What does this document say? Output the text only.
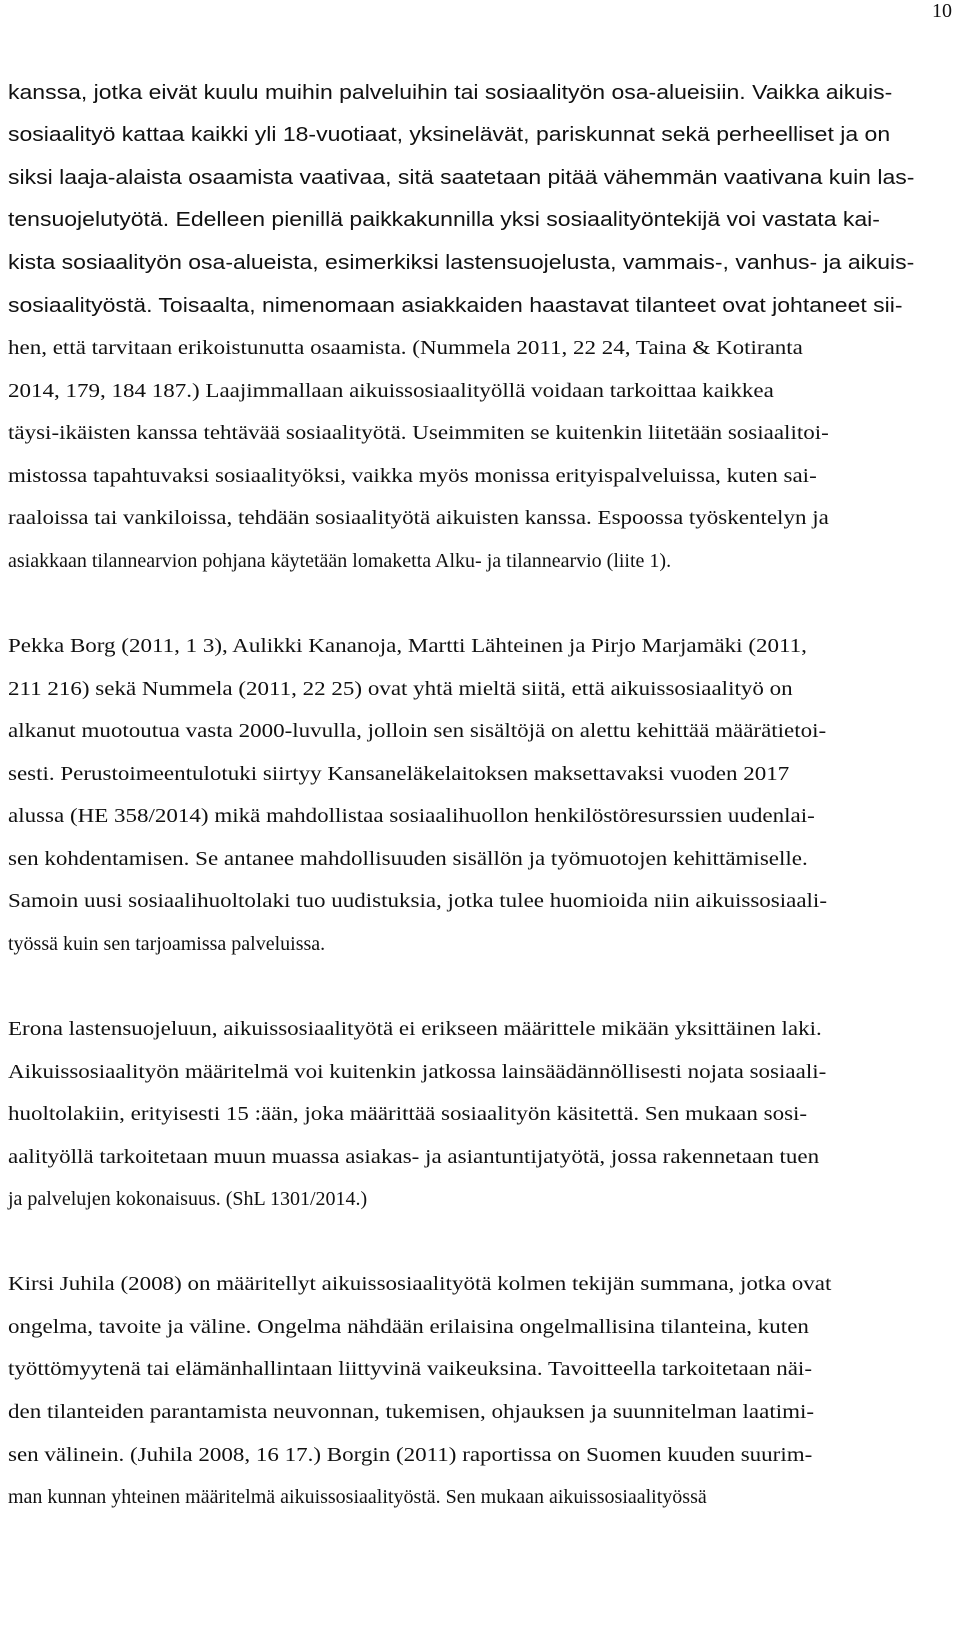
10
kanssa, jotka eivät kuulu muihin palveluihin tai sosiaalityön osa-alueisiin. Vaikka aikuis-
sosiaalityö kattaa kaikki yli 18-vuotiaat, yksinelävät, pariskunnat sekä perheelliset ja on
siksi laaja-alaista osaamista vaativaa, sitä saatetaan pitää vähemmän vaativana kuin las-
tensuojelutyötä. Edelleen pienillä paikkakunnilla yksi sosiaalityöntekijä voi vastata kai-
kista sosiaalityön osa-alueista, esimerkiksi lastensuojelusta, vammais-, vanhus- ja aikuis-
sosiaalityöstä. Toisaalta, nimenomaan asiakkaiden haastavat tilanteet ovat johtaneet sii-
hen, että tarvitaan erikoistunutta osaamista. (Nummela 2011, 22 24, Taina & Kotiranta
2014, 179, 184 187.) Laajimmallaan aikuissosiaalityöllä voidaan tarkoittaa kaikkea
täysi-ikäisten kanssa tehtävää sosiaalityötä. Useimmiten se kuitenkin liitetään sosiaalitoi-
mistossa tapahtuvaksi sosiaalityöksi, vaikka myös monissa erityispalveluissa, kuten sai-
raaloissa tai vankiloissa, tehdään sosiaalityötä aikuisten kanssa. Espoossa työskentelyn ja
asiakkaan tilannearvion pohjana käytetään lomaketta Alku- ja tilannearvio (liite 1).
Pekka Borg (2011, 1 3), Aulikki Kananoja, Martti Lähteinen ja Pirjo Marjamäki (2011,
211 216) sekä Nummela (2011, 22 25) ovat yhtä mieltä siitä, että aikuissosiaalityö on
alkanut muotoutua vasta 2000-luvulla, jolloin sen sisältöjä on alettu kehittää määrätietoi-
sesti. Perustoimeentulotuki siirtyy Kansaneläkelaitoksen maksettavaksi vuoden 2017
alussa (HE 358/2014) mikä mahdollistaa sosiaalihuollon henkilöstöresurssien uudenlai-
sen kohdentamisen. Se antanee mahdollisuuden sisällön ja työmuotojen kehittämiselle.
Samoin uusi sosiaalihuoltolaki tuo uudistuksia, jotka tulee huomioida niin aikuissosiaali-
työssä kuin sen tarjoamissa palveluissa.
Erona lastensuojeluun, aikuissosiaalityötä ei erikseen määrittele mikään yksittäinen laki.
Aikuissosiaalityön määritelmä voi kuitenkin jatkossa lainsäädännöllisesti nojata sosiaali-
huoltolakiin, erityisesti 15 :ään, joka määrittää sosiaalityön käsitettä. Sen mukaan sosi-
aalityöllä tarkoitetaan muun muassa asiakas- ja asiantuntijatyötä, jossa rakennetaan tuen
ja palvelujen kokonaisuus. (ShL 1301/2014.)
Kirsi Juhila (2008) on määritellyt aikuissosiaalityötä kolmen tekijän summana, jotka ovat
ongelma, tavoite ja väline. Ongelma nähdään erilaisina ongelmallisina tilanteina, kuten
työttömyytenä tai elämänhallintaan liittyvinä vaikeuksina. Tavoitteella tarkoitetaan näi-
den tilanteiden parantamista neuvonnan, tukemisen, ohjauksen ja suunnitelman laatimi-
sen välinein. (Juhila 2008, 16 17.) Borgin (2011) raportissa on Suomen kuuden suurim-
man kunnan yhteinen määritelmä aikuissosiaalityöstä. Sen mukaan aikuissosiaalityössä
